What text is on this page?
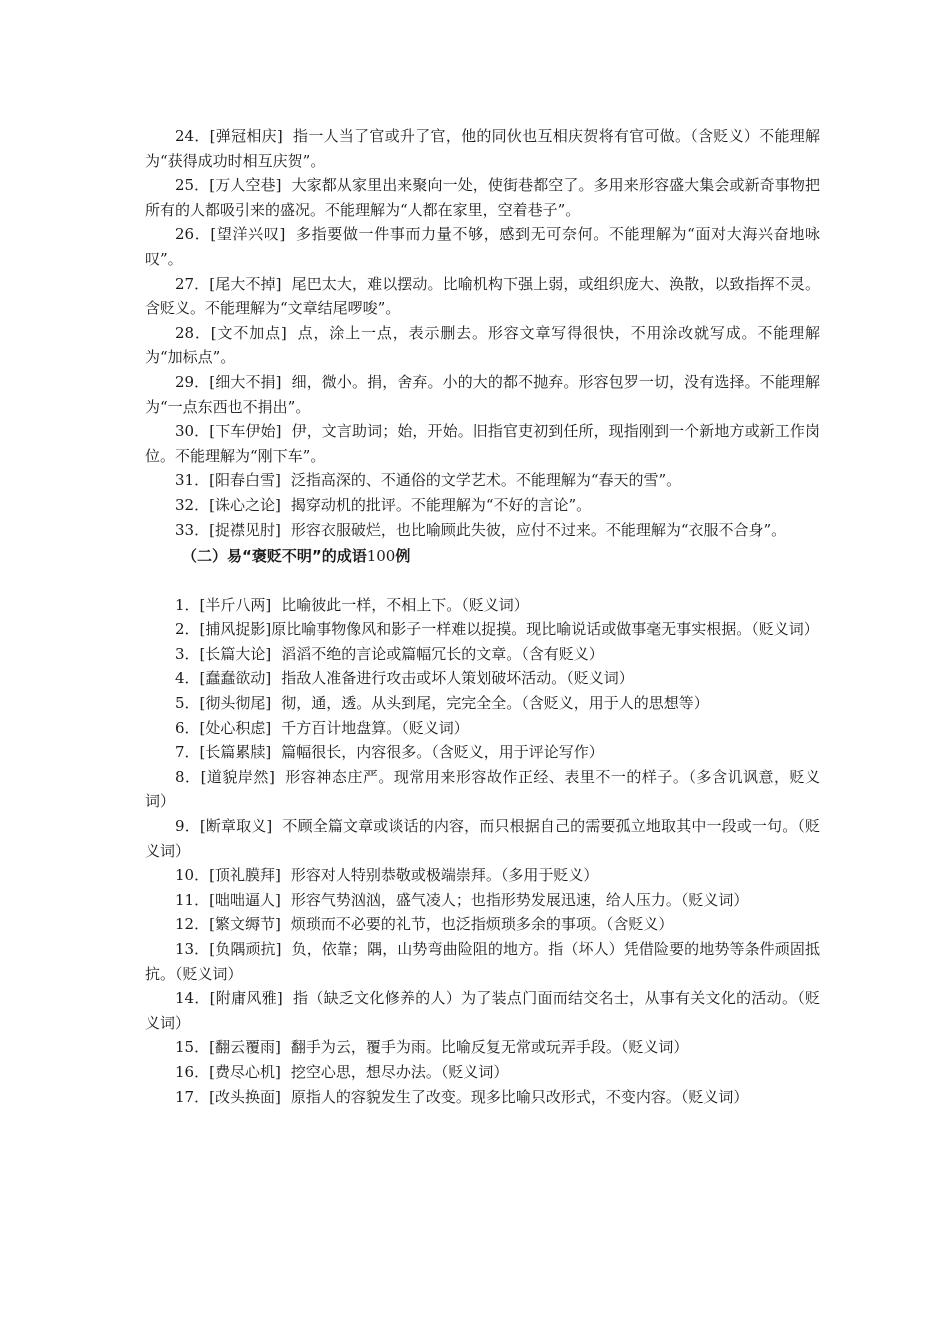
24．[弹冠相庆] 指一人当了官或升了官，他的同伙也互相庆贺将有官可做。（含贬义）不能理解为“获得成功时相互庆贺”。

25．[万人空巷] 大家都从家里出来聚向一处，使街巷都空了。多用来形容盛大集会或新奇事物把所有的人都吸引来的盛况。不能理解为“人都在家里，空着巷子”。

26．[望洋兴叹] 多指要做一件事而力量不够，感到无可奈何。不能理解为“面对大海兴奋地咏叹”。

27．[尾大不掉] 尾巴太大，难以摆动。比喻机构下强上弱，或组织庞大、涣散，以致指挥不灵。含贬义。不能理解为“文章结尾啰唆”。

28．[文不加点] 点，涂上一点，表示删去。形容文章写得很快，不用涂改就写成。不能理解为“加标点”。

29．[细大不捐] 细，微小。捐，舍弃。小的大的都不抛弃。形容包罗一切，没有选择。不能理解为“一点东西也不捐出”。

30．[下车伊始] 伊，文言助词；始，开始。旧指官吏初到任所，现指刚到一个新地方或新工作岗位。不能理解为“刚下车”。

31．[阳春白雪] 泛指高深的、不通俗的文学艺术。不能理解为“春天的雪”。

32．[诛心之论] 揭穿动机的批评。不能理解为“不好的言论”。

33．[捉襟见肘] 形容衣服破烂，也比喻顾此失彼，应付不过来。不能理解为“衣服不合身”。

（二）易“褒贬不明”的成语100例

1．[半斤八两] 比喻彼此一样，不相上下。（贬义词）

2．[捕风捉影]原比喻事物像风和影子一样难以捉摸。现比喻说话或做事毫无事实根据。（贬义词）

3．[长篇大论] 滔滔不绝的言论或篇幅冗长的文章。（含有贬义）

4．[蠢蠢欲动] 指敌人准备进行攻击或坏人策划破坏活动。（贬义词）

5．[彻头彻尾] 彻，通，透。从头到尾，完完全全。（含贬义，用于人的思想等）

6．[处心积虑] 千方百计地盘算。（贬义词）

7．[长篇累牍] 篇幅很长，内容很多。（含贬义，用于评论写作）

8．[道貌岸然] 形容神态庄严。现常用来形容故作正经、表里不一的样子。（多含讥讽意，贬义词）

9．[断章取义] 不顾全篇文章或谈话的内容，而只根据自己的需要孤立地取其中一段或一句。（贬义词）

10．[顶礼膜拜] 形容对人特别恭敬或极端崇拜。（多用于贬义）

11．[咄咄逼人] 形容气势汹汹，盛气凌人；也指形势发展迅速，给人压力。（贬义词）

12．[繁文缛节] 烦琐而不必要的礼节，也泛指烦琐多余的事项。（含贬义）

13．[负隅顽抗] 负，依靠；隅，山势弯曲险阻的地方。指（坏人）凭借险要的地势等条件顽固抵抗。（贬义词）

14．[附庸风雅] 指（缺乏文化修养的人）为了装点门面而结交名士，从事有关文化的活动。（贬义词）

15．[翻云覆雨] 翻手为云，覆手为雨。比喻反复无常或玩弄手段。（贬义词）

16．[费尽心机] 挖空心思，想尽办法。（贬义词）

17．[改头换面] 原指人的容貌发生了改变。现多比喻只改形式，不变内容。（贬义词）
